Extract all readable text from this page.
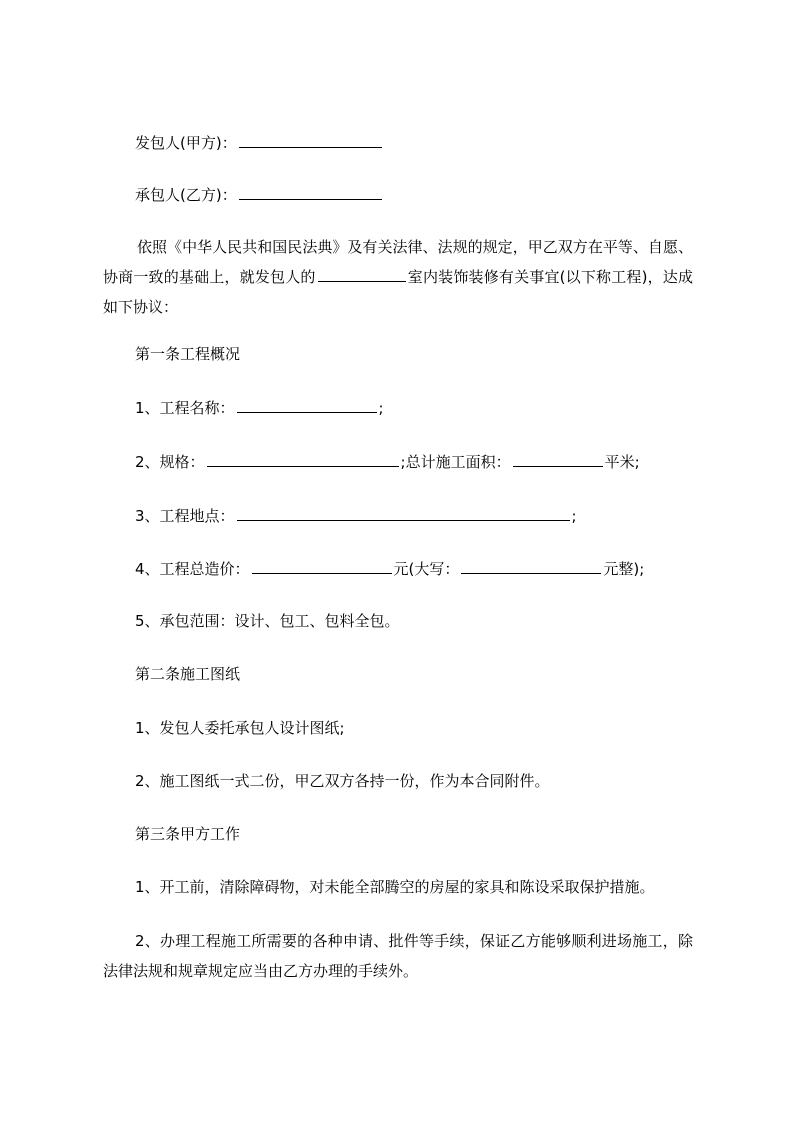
发包人(甲方)：
承包人(乙方)：
依照《中华人民共和国民法典》及有关法律、法规的规定，甲乙双方在平等、自愿、协商一致的基础上，就发包人的	室内装饰装修有关事宜(以下称工程)，达成如下协议：
第一条工程概况
1、工程名称：	;
2、规格：	;总计施工面积：	平米;
3、工程地点：	;
4、工程总造价：	元(大写：	元整);
5、承包范围：设计、包工、包料全包。
第二条施工图纸
1、发包人委托承包人设计图纸;
2、施工图纸一式二份，甲乙双方各持一份，作为本合同附件。
第三条甲方工作
1、开工前，清除障碍物，对未能全部腾空的房屋的家具和陈设采取保护措施。
2、办理工程施工所需要的各种申请、批件等手续，保证乙方能够顺利进场施工，除法律法规和规章规定应当由乙方办理的手续外。
